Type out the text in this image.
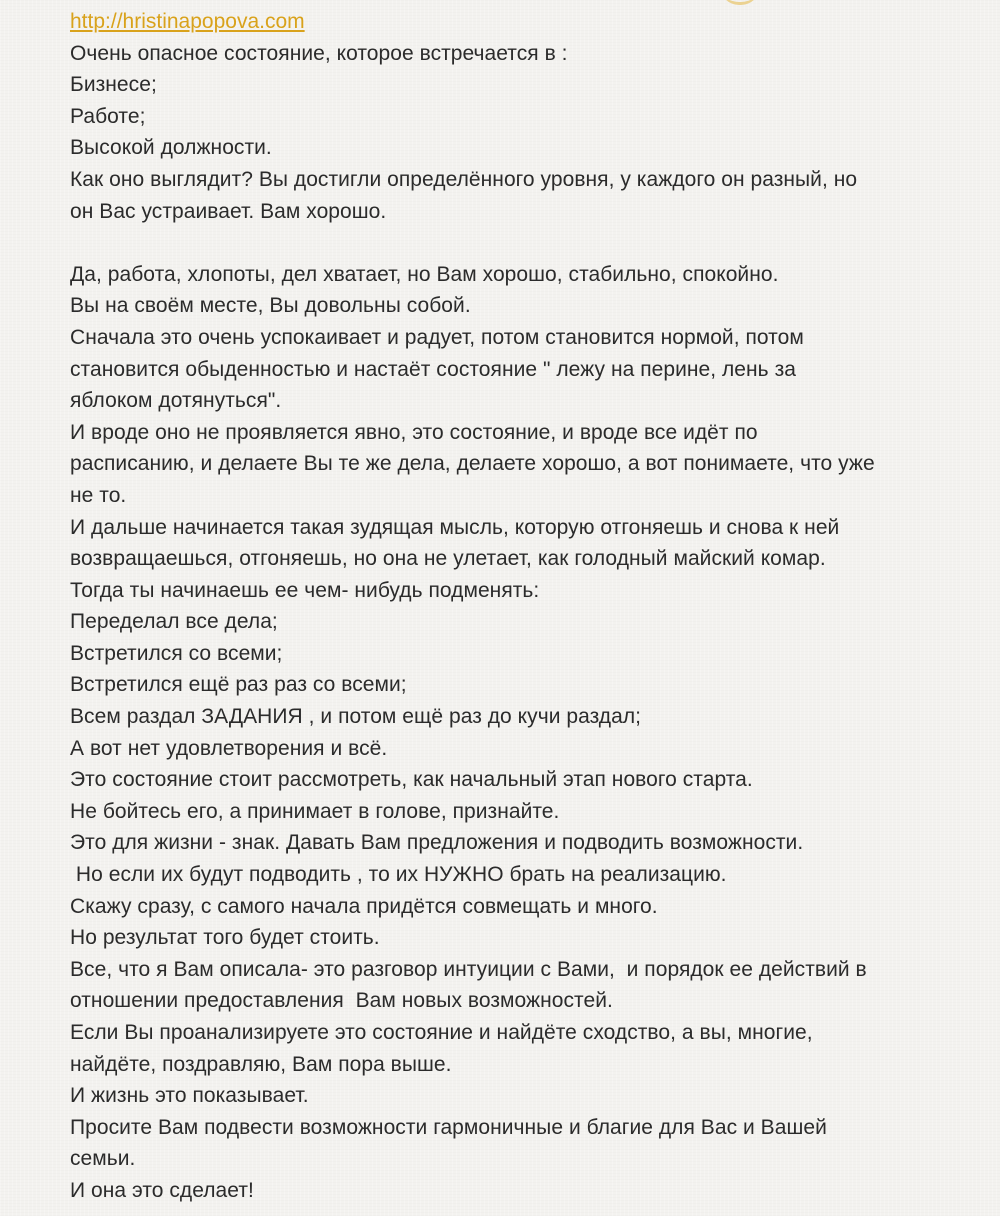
http://hristinapopova.com
Очень опасное состояние, которое встречается в :
Бизнесе;
Работе;
Высокой должности.
Как оно выглядит? Вы достигли определённого уровня, у каждого он разный, но
он Вас устраивает. Вам хорошо.
Да, работа, хлопоты, дел хватает, но Вам хорошо, стабильно, спокойно.
Вы на своём месте, Вы довольны собой.
Сначала это очень успокаивает и радует, потом становится нормой, потом
становится обыденностью и настаёт состояние " лежу на перине, лень за
яблоком дотянуться".
И вроде оно не проявляется явно, это состояние, и вроде все идёт по
расписанию, и делаете Вы те же дела, делаете хорошо, а вот понимаете, что уже
не то.
И дальше начинается такая зудящая мысль, которую отгоняешь и снова к ней
возвращаешься, отгоняешь, но она не улетает, как голодный майский комар.
Тогда ты начинаешь ее чем- нибудь подменять:
Переделал все дела;
Встретился со всеми;
Встретился ещё раз раз со всеми;
Всем раздал ЗАДАНИЯ , и потом ещё раз до кучи раздал;
А вот нет удовлетворения и всё.
Это состояние стоит рассмотреть, как начальный этап нового старта.
Не бойтесь его, а принимает в голове, признайте.
Это для жизни - знак. Давать Вам предложения и подводить возможности.
Но если их будут подводить , то их НУЖНО брать на реализацию.
Скажу сразу, с самого начала придётся совмещать и много.
Но результат того будет стоить.
Все, что я Вам описала- это разговор интуиции с Вами,  и порядок ее действий в
отношении предоставления  Вам новых возможностей.
Если Вы проанализируете это состояние и найдёте сходство, а вы, многие,
найдёте, поздравляю, Вам пора выше.
И жизнь это показывает.
Просите Вам подвести возможности гармоничные и благие для Вас и Вашей
семьи.
И она это сделает!
